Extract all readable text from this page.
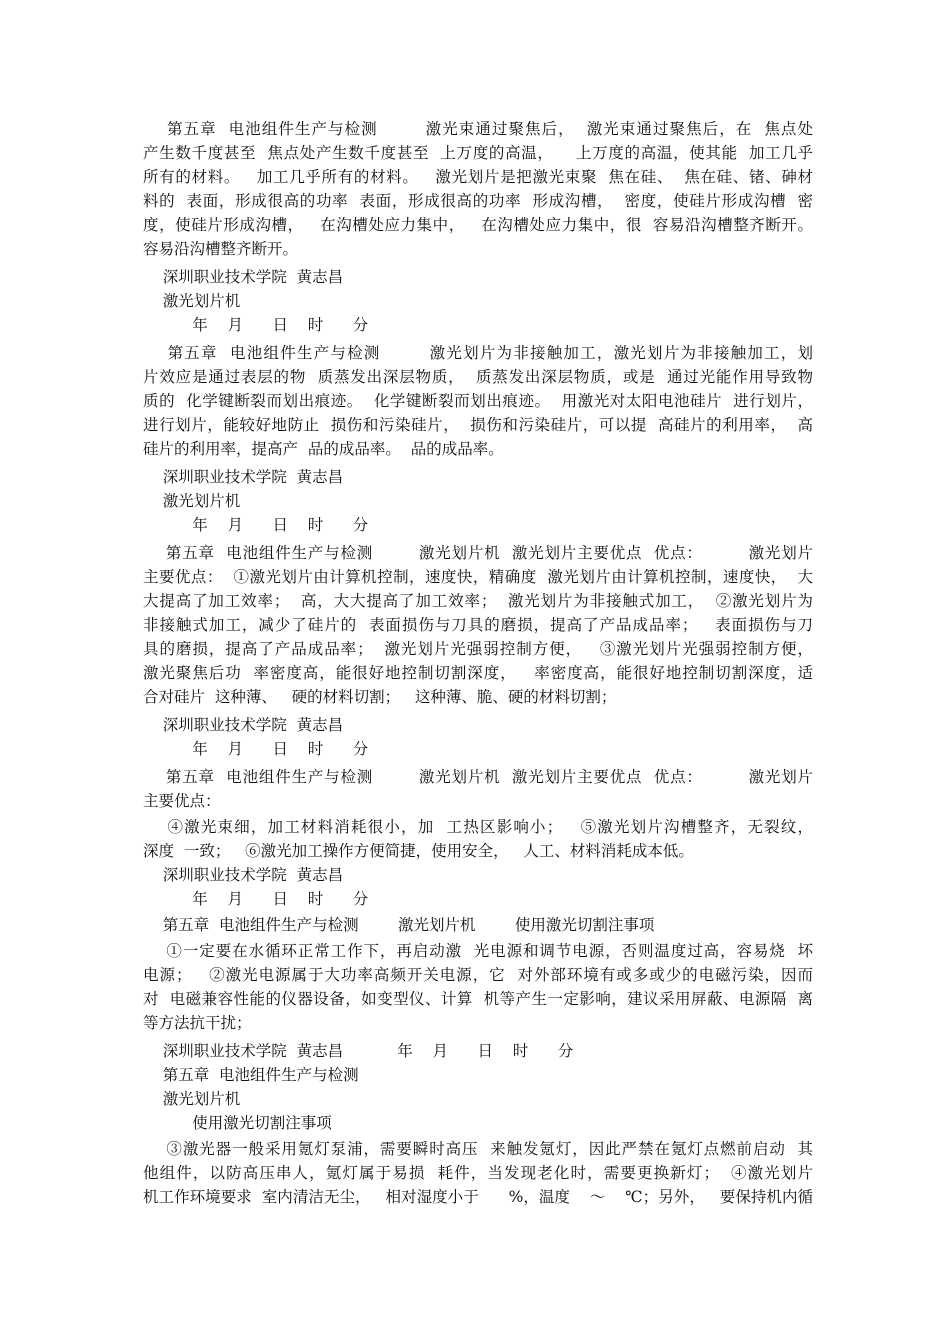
第五章  电池组件生产与检测        激光束通过聚焦后，  激光束通过聚焦后，在  焦点处
产生数千度甚至  焦点处产生数千度甚至  上万度的高温，    上万度的高温，使其能  加工几乎
所有的材料。   加工几乎所有的材料。   激光划片是把激光束聚  焦在硅、  焦在硅、锗、砷材
料的  表面，形成很高的功率  表面，形成很高的功率  形成沟槽，  密度，使硅片形成沟槽  密
度，使硅片形成沟槽，   在沟槽处应力集中，   在沟槽处应力集中，很  容易沿沟槽整齐断开。
容易沿沟槽整齐断开。
深圳职业技术学院  黄志昌
激光划片机
年    月      日    时      分
第五章  电池组件生产与检测        激光划片为非接触加工，激光划片为非接触加工，划
片效应是通过表层的物  质蒸发出深层物质，  质蒸发出深层物质，或是  通过光能作用导致物
质的  化学键断裂而划出痕迹。  化学键断裂而划出痕迹。  用激光对太阳电池硅片  进行划片，
进行划片，能较好地防止  损伤和污染硅片，  损伤和污染硅片，可以提  高硅片的利用率，  高
硅片的利用率，提高产  品的成品率。  品的成品率。
深圳职业技术学院  黄志昌
激光划片机
年    月      日    时      分
第五章  电池组件生产与检测        激光划片机  激光划片主要优点  优点：        激光划片
主要优点：  ①激光划片由计算机控制，速度快，精确度  激光划片由计算机控制，速度快，  大
大提高了加工效率；  高，大大提高了加工效率；  激光划片为非接触式加工，  ②激光划片为
非接触式加工，减少了硅片的  表面损伤与刀具的磨损，提高了产品成品率；   表面损伤与刀
具的磨损，提高了产品成品率；  激光划片光强弱控制方便，   ③激光划片光强弱控制方便，
激光聚焦后功  率密度高，能很好地控制切割深度，   率密度高，能很好地控制切割深度，适
合对硅片  这种薄、   硬的材料切割；   这种薄、脆、硬的材料切割；
深圳职业技术学院  黄志昌
年    月      日    时      分
第五章  电池组件生产与检测        激光划片机  激光划片主要优点  优点：        激光划片
主要优点：
④激光束细，加工材料消耗很小，加  工热区影响小；   ⑤激光划片沟槽整齐，无裂纹，
深度  一致；   ⑥激光加工操作方便简捷，使用安全，   人工、材料消耗成本低。
深圳职业技术学院  黄志昌
年    月      日    时      分
第五章  电池组件生产与检测        激光划片机        使用激光切割注事项
①一定要在水循环正常工作下，再启动激  光电源和调节电源，否则温度过高，容易烧  坏
电源；   ②激光电源属于大功率高频开关电源，它  对外部环境有或多或少的电磁污染，因而
对  电磁兼容性能的仪器设备，如变型仪、计算  机等产生一定影响，建议采用屏蔽、电源隔  离
等方法抗干扰；
深圳职业技术学院  黄志昌           年    月      日    时      分
第五章  电池组件生产与检测
激光划片机
使用激光切割注事项
③激光器一般采用氪灯泵浦，需要瞬时高压  来触发氪灯，因此严禁在氪灯点燃前启动  其
他组件，以防高压串人，氪灯属于易损  耗件，当发现老化时，需要更换新灯；  ④激光划片
机工作环境要求  室内清洁无尘，   相对湿度小于      %，温度    ～    ℃；另外，   要保持机内循
